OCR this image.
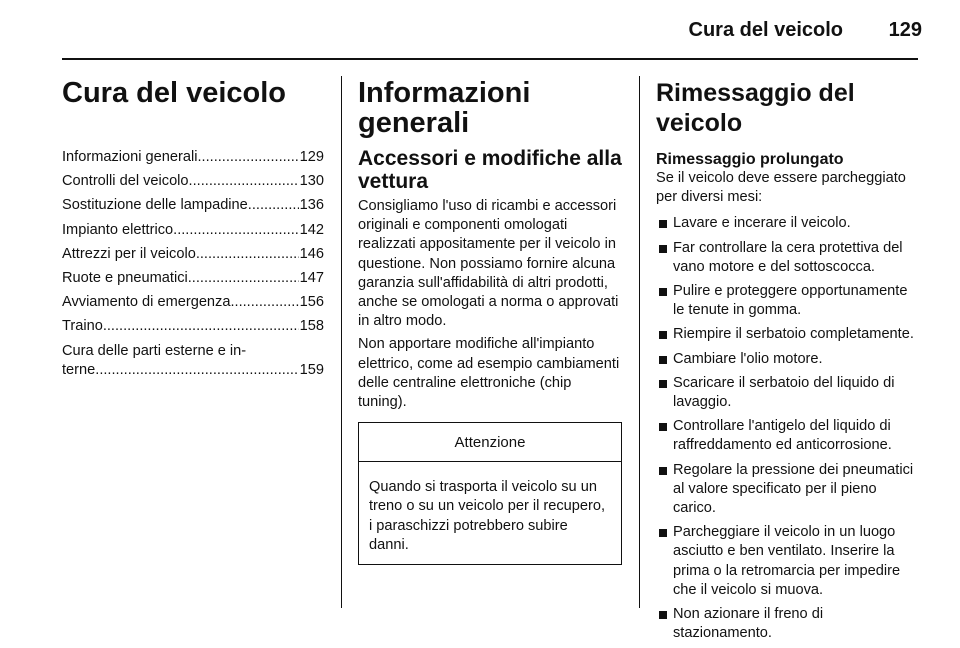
Cura del veicolo 129
Cura del veicolo
Informazioni generali .....	129
Controlli del veicolo .....	130
Sostituzione delle lampadine .....	136
Impianto elettrico .....	142
Attrezzi per il veicolo .....	146
Ruote e pneumatici .....	147
Avviamento di emergenza .....	156
Traino .....	158
Cura delle parti esterne e in-
terne .....	159
Informazioni generali
Accessori e modifiche alla vettura

Consigliamo l'uso di ricambi e accessori originali e componenti omologati realizzati appositamente per il veicolo in questione. Non possiamo fornire alcuna garanzia sull'affidabilità di altri prodotti, anche se omologati a norma o approvati in altro modo.

Non apportare modifiche all'impianto elettrico, come ad esempio cambiamenti delle centraline elettroniche (chip tuning).

Attenzione
Quando si trasporta il veicolo su un treno o su un veicolo per il recupero, i paraschizzi potrebbero subire danni.
Rimessaggio del veicolo
Rimessaggio prolungato

Se il veicolo deve essere parcheggiato per diversi mesi:

Lavare e incerare il veicolo.
Far controllare la cera protettiva del vano motore e del sottoscocca.
Pulire e proteggere opportunamente le tenute in gomma.
Riempire il serbatoio completamente.
Cambiare l'olio motore.
Scaricare il serbatoio del liquido di lavaggio.
Controllare l'antigelo del liquido di raffreddamento ed anticorrosione.
Regolare la pressione dei pneumatici al valore specificato per il pieno carico.
Parcheggiare il veicolo in un luogo asciutto e ben ventilato. Inserire la prima o la retromarcia per impedire che il veicolo si muova.
Non azionare il freno di stazionamento.
